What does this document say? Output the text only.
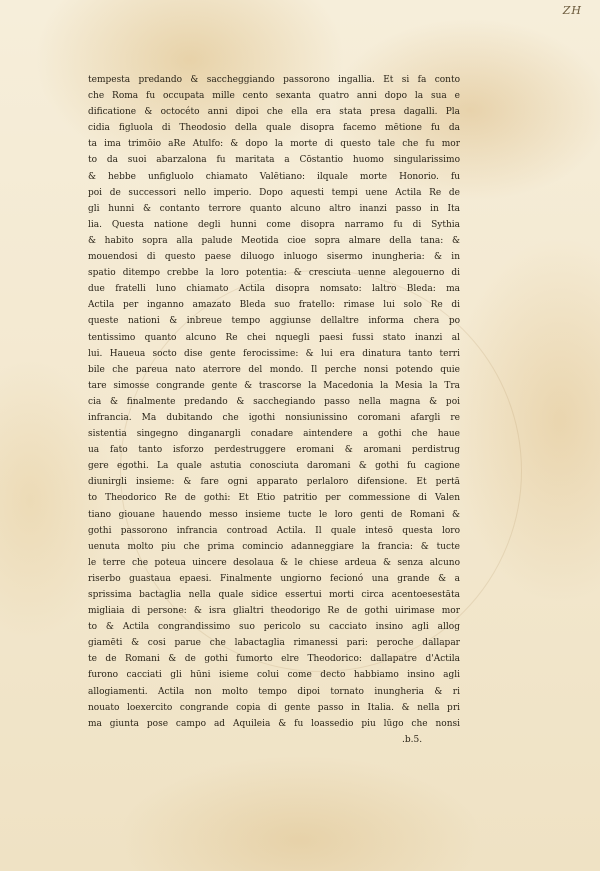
ZH
tempesta predando & saccheggiando passorono ingallia. Et si fa conto
che Roma fu occupata mille cento sexanta quatro anni dopo la sua e
dificatione & octocéto anni dipoi che ella era stata presa dagalli. Pla
cidia figluola di Theodosio della quale disopra facemo mētione fu da
ta ima trimōio aRe Atulfo: & dopo la morte di questo tale che fu mor
to da suoi abarzalona fu maritata a Cōstantio huomo singularissimo
& hebbe unfigluolo chiamato Valētiano: ilquale morte Honorio. fu
poi de successori nello imperio. Dopo aquesti tempi uene Actila Re de
gli hunni & contanto terrore quanto alcuno altro inanzi passo in Ita
lia. Questa natione degli hunni come disopra narramo fu di Sythia
& habito sopra alla palude Meotida cioe sopra almare della tana: &
mouendosi di questo paese diluogo inluogo sisermo inungheria: & in
spatio ditempo crebbe la loro potentia: & cresciuta uenne alegouerno di
due fratelli luno chiamato Actila disopra nomsato: laltro Bleda: ma
Actila per inganno amazato Bleda suo fratello: rimase lui solo Re di
queste nationi & inbreue tempo aggiunse dellaltre informa chera po
tentissimo quanto alcuno Re chei nquegli paesi fussi stato inanzi al
lui. Haueua socto dise gente ferocissime: & lui era dinatura tanto terri
bile che pareua nato aterrore del mondo. Il perche nonsi potendo quie
tare simosse congrande gente & trascorse la Macedonia la Mesia la Tra
cia & finalmente predando & sacchegiando passo nella magna & poi
infrancia. Ma dubitando che igothi nonsiunissino coromani afargli re
sistentia singegno dinganargli conadare aintendere a gothi che haue
ua fato tanto isforzo perdestruggere eromani & aromani perdistrug
gere egothi. La quale astutia conosciuta daromani & gothi fu cagione
diunirgli insieme: & fare ogni apparato perlaloro difensione. Et pertā
to Theodorico Re de gothi: Et Etio patritio per commessione di Valen
tiano giouane hauendo messo insieme tucte le loro genti de Romani &
gothi passorono infrancia controad Actila. Il quale intesō questa loro
uenuta molto piu che prima comincio adanneggiare la francia: & tucte
le terre che poteua uincere desolaua & le chiese ardeua & senza alcuno
riserbo guastaua epaesi. Finalmente ungiorno fecionó una grande & a
sprissima bactaglia nella quale sidice essertui morti circa acentoesestāta
migliaia di persone: & isra glialtri theodorigo Re de gothi uirimase mor
to & Actila congrandissimo suo pericolo su cacciato insino agli allog
giamēti & cosi parue che labactaglia rimanessi pari: peroche dallapar
te de Romani & de gothi fumorto elre Theodorico: dallapatre d'Actila
furono cacciati gli hūni isieme colui come decto habbiamo insino agli
allogiamenti. Actila non molto tempo dipoi tornato inungheria & ri
nouato loexercito congrande copia di gente passo in Italia. & nella pri
ma giunta pose campo ad Aquileia & fu loassedio piu lūgo che nonsi
.b.5.
